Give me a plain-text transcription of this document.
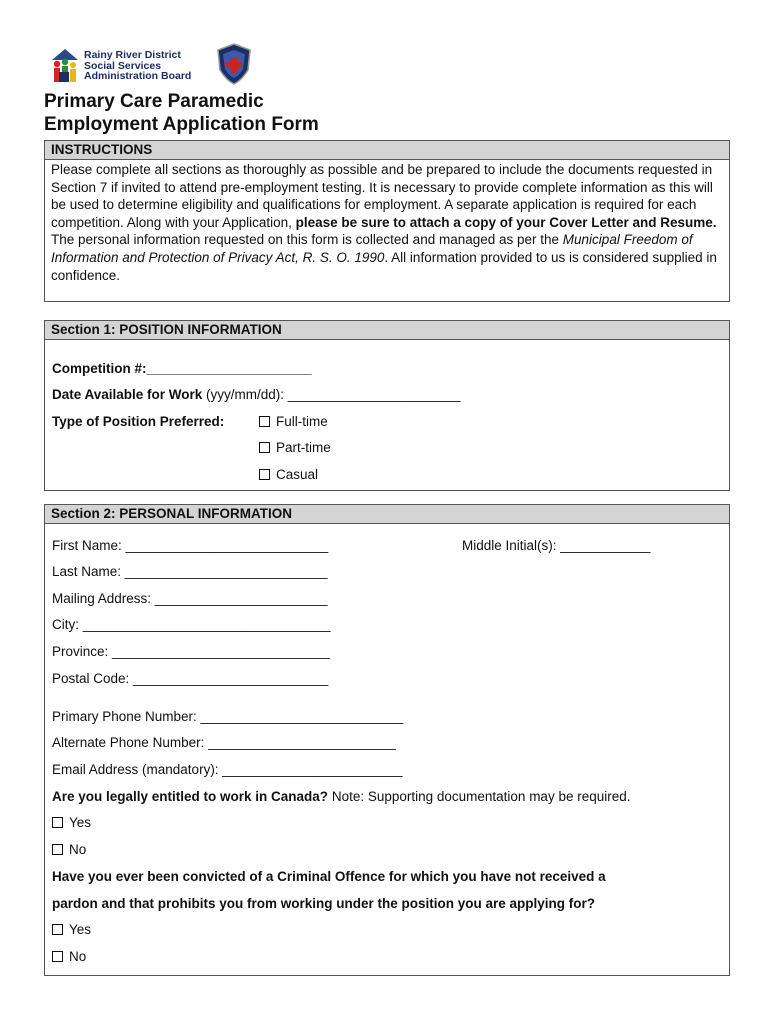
Rainy River District
Social Services
Administration Board
Primary Care Paramedic
Employment Application Form
INSTRUCTIONS
Please complete all sections as thoroughly as possible and be prepared to include the documents requested in Section 7 if invited to attend pre-employment testing. It is necessary to provide complete information as this will be used to determine eligibility and qualifications for employment. A separate application is required for each competition. Along with your Application, please be sure to attach a copy of your Cover Letter and Resume.
The personal information requested on this form is collected and managed as per the Municipal Freedom of Information and Protection of Privacy Act, R. S. O. 1990. All information provided to us is considered supplied in confidence.
Section 1: POSITION INFORMATION
Competition #:______________________
Date Available for Work (yyy/mm/dd): _______________________
Type of Position Preferred:	Full-time
Part-time
Casual
Section 2: PERSONAL INFORMATION
First Name: ___________________________	Middle Initial(s): ____________
Last Name: ___________________________
Mailing Address: _______________________
City: _________________________________
Province: _____________________________
Postal Code: __________________________
Primary Phone Number: ___________________________
Alternate Phone Number: _________________________
Email Address (mandatory): ________________________
Are you legally entitled to work in Canada? Note: Supporting documentation may be required.
Yes
No
Have you ever been convicted of a Criminal Offence for which you have not received a
pardon and that prohibits you from working under the position you are applying for?
Yes
No
